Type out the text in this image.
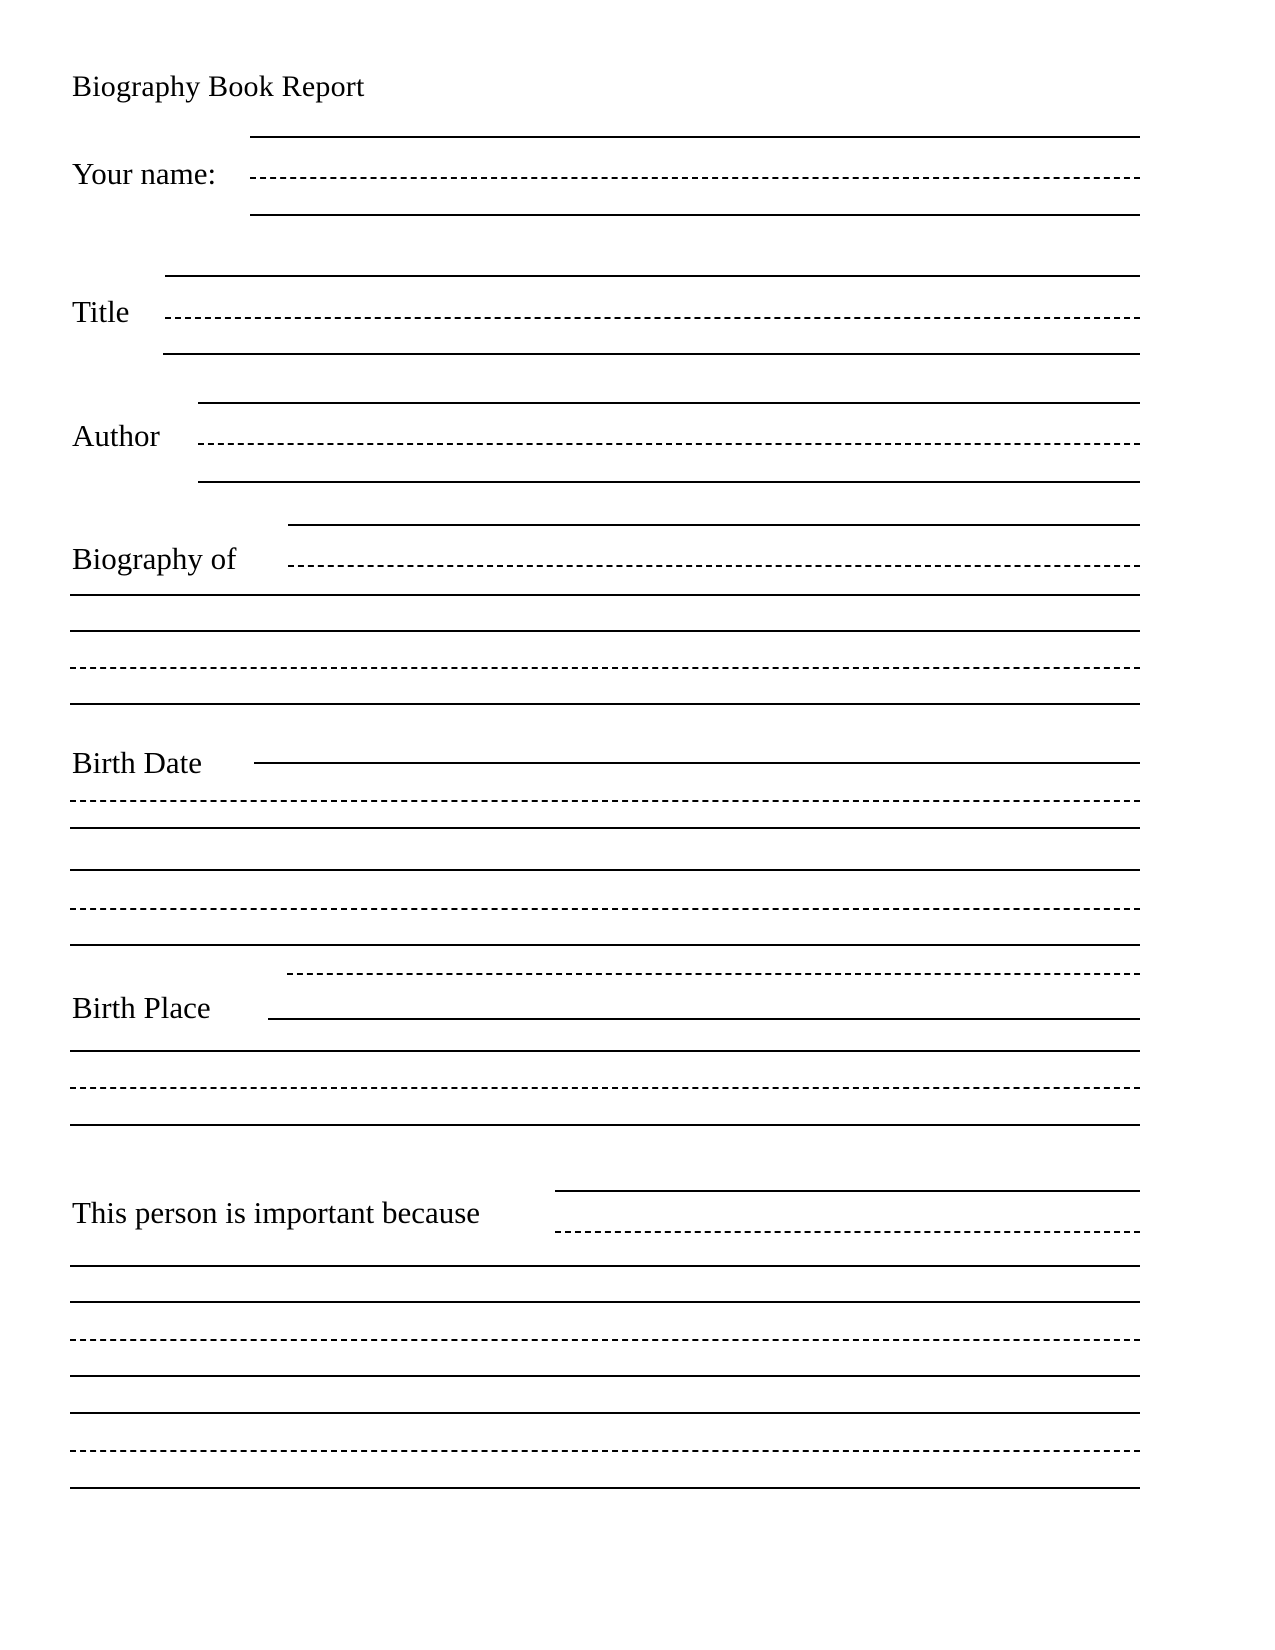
Biography Book Report
Your name:
Title
Author
Biography of
Birth Date
Birth Place
This person is important because
